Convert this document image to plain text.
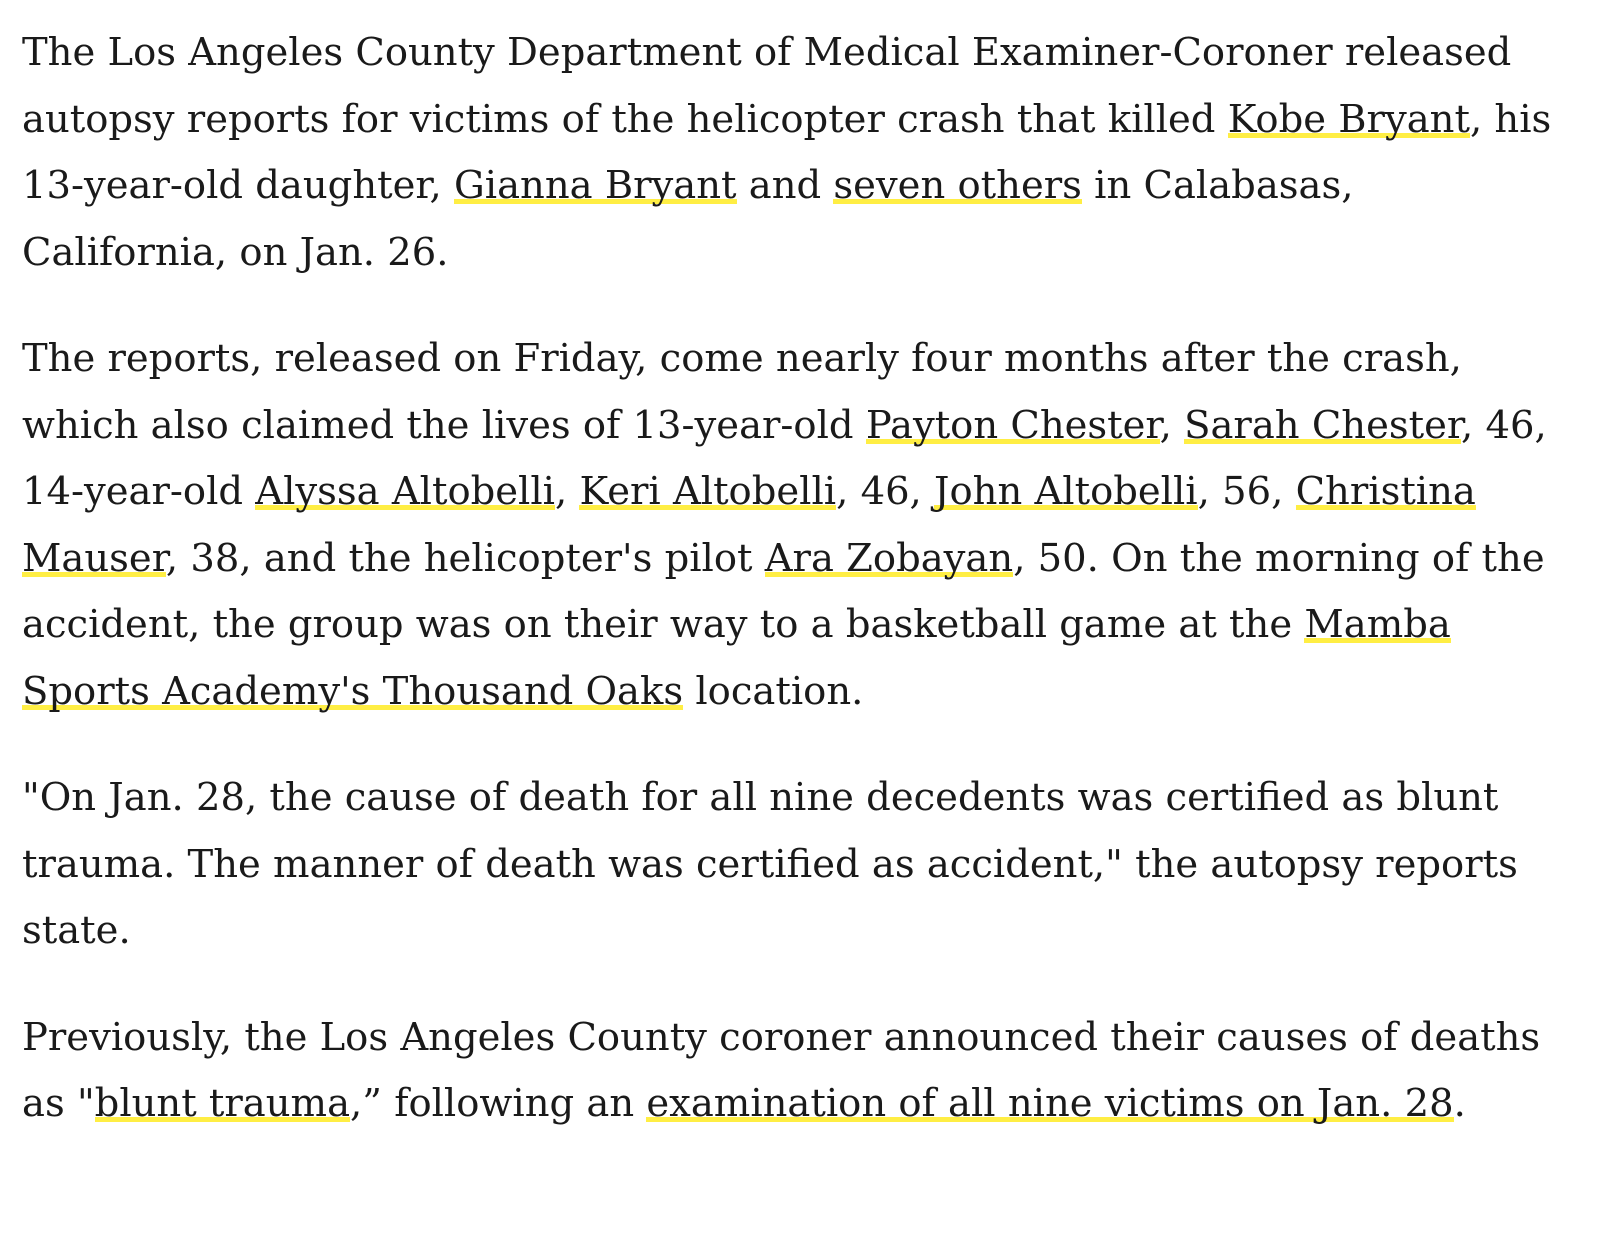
The Los Angeles County Department of Medical Examiner-Coroner released autopsy reports for victims of the helicopter crash that killed Kobe Bryant, his 13-year-old daughter, Gianna Bryant and seven others in Calabasas, California, on Jan. 26.

The reports, released on Friday, come nearly four months after the crash, which also claimed the lives of 13-year-old Payton Chester, Sarah Chester, 46, 14-year-old Alyssa Altobelli, Keri Altobelli, 46, John Altobelli, 56, Christina Mauser, 38, and the helicopter's pilot Ara Zobayan, 50. On the morning of the accident, the group was on their way to a basketball game at the Mamba Sports Academy's Thousand Oaks location.

"On Jan. 28, the cause of death for all nine decedents was certified as blunt trauma. The manner of death was certified as accident," the autopsy reports state.

Previously, the Los Angeles County coroner announced their causes of deaths as "blunt trauma,” following an examination of all nine victims on Jan. 28.
